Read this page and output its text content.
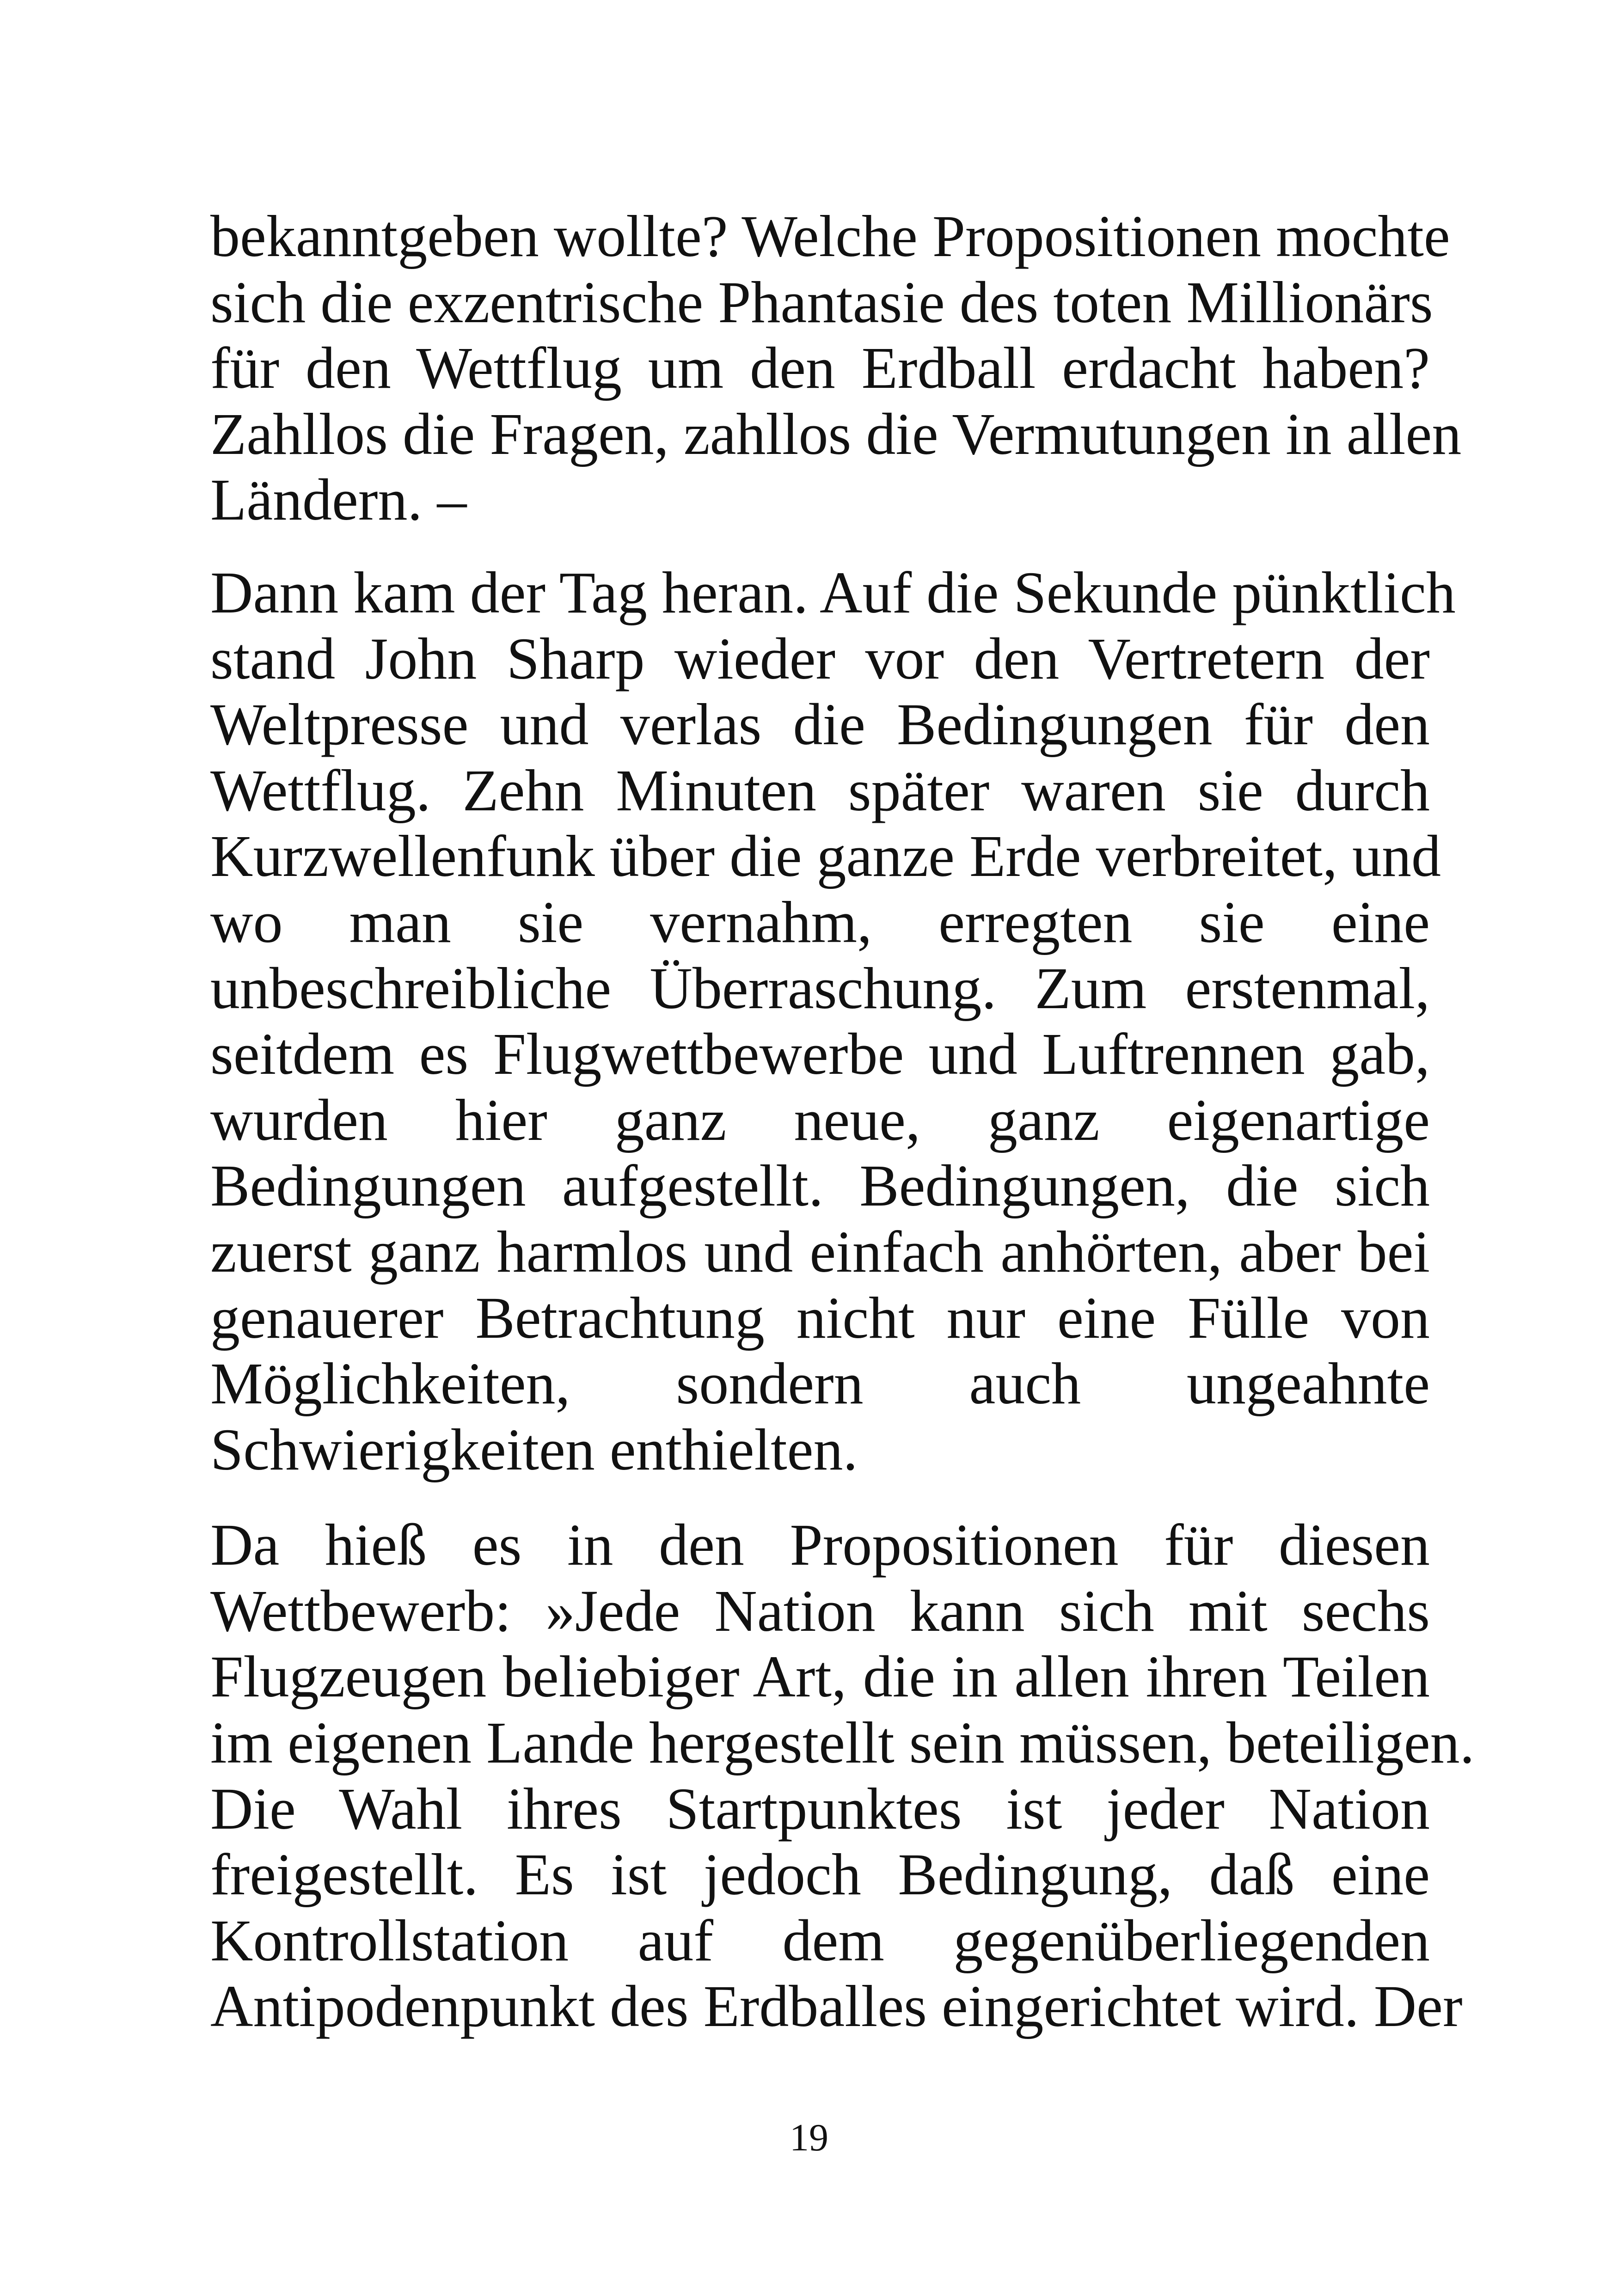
bekanntgeben wollte? Welche Propositionen mochte
sich die exzentrische Phantasie des toten Millionärs
für den Wettflug um den Erdball erdacht haben?
Zahllos die Fragen, zahllos die Vermutungen in allen
Ländern. –
Dann kam der Tag heran. Auf die Sekunde pünktlich
stand John Sharp wieder vor den Vertretern der
Weltpresse und verlas die Bedingungen für den
Wettflug. Zehn Minuten später waren sie durch
Kurzwellenfunk über die ganze Erde verbreitet, und
wo man sie vernahm, erregten sie eine
unbeschreibliche Überraschung. Zum erstenmal,
seitdem es Flugwettbewerbe und Luftrennen gab,
wurden hier ganz neue, ganz eigenartige
Bedingungen aufgestellt. Bedingungen, die sich
zuerst ganz harmlos und einfach anhörten, aber bei
genauerer Betrachtung nicht nur eine Fülle von
Möglichkeiten, sondern auch ungeahnte
Schwierigkeiten enthielten.
Da hieß es in den Propositionen für diesen
Wettbewerb: »Jede Nation kann sich mit sechs
Flugzeugen beliebiger Art, die in allen ihren Teilen
im eigenen Lande hergestellt sein müssen, beteiligen.
Die Wahl ihres Startpunktes ist jeder Nation
freigestellt. Es ist jedoch Bedingung, daß eine
Kontrollstation auf dem gegenüberliegenden
Antipodenpunkt des Erdballes eingerichtet wird. Der
19
